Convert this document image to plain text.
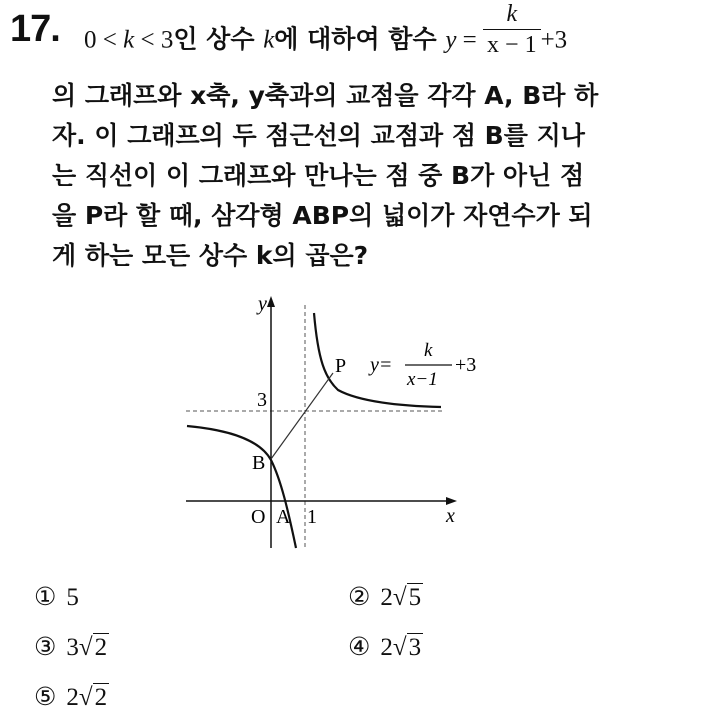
17. 0 < k < 3인 상수 k에 대하여 함수 $y = \frac{k}{x - 1} +3$
의 그래프와 x축, y축과의 교점을 각각 A, B라 하
자. 이 그래프의 두 점근선의 교점과 점 B를 지나
는 직선이 이 그래프와 만나는 점 중 B가 아닌 점
을 P라 할 때, 삼각형 ABP의 넓이가 자연수가 되
게 하는 모든 상수 k의 곱은?
y
x
3
1
O A
B
P y=
k
x−1
+3
① 5	② 2√5
③ 3√2	④ 2√3
⑤ 2√2
